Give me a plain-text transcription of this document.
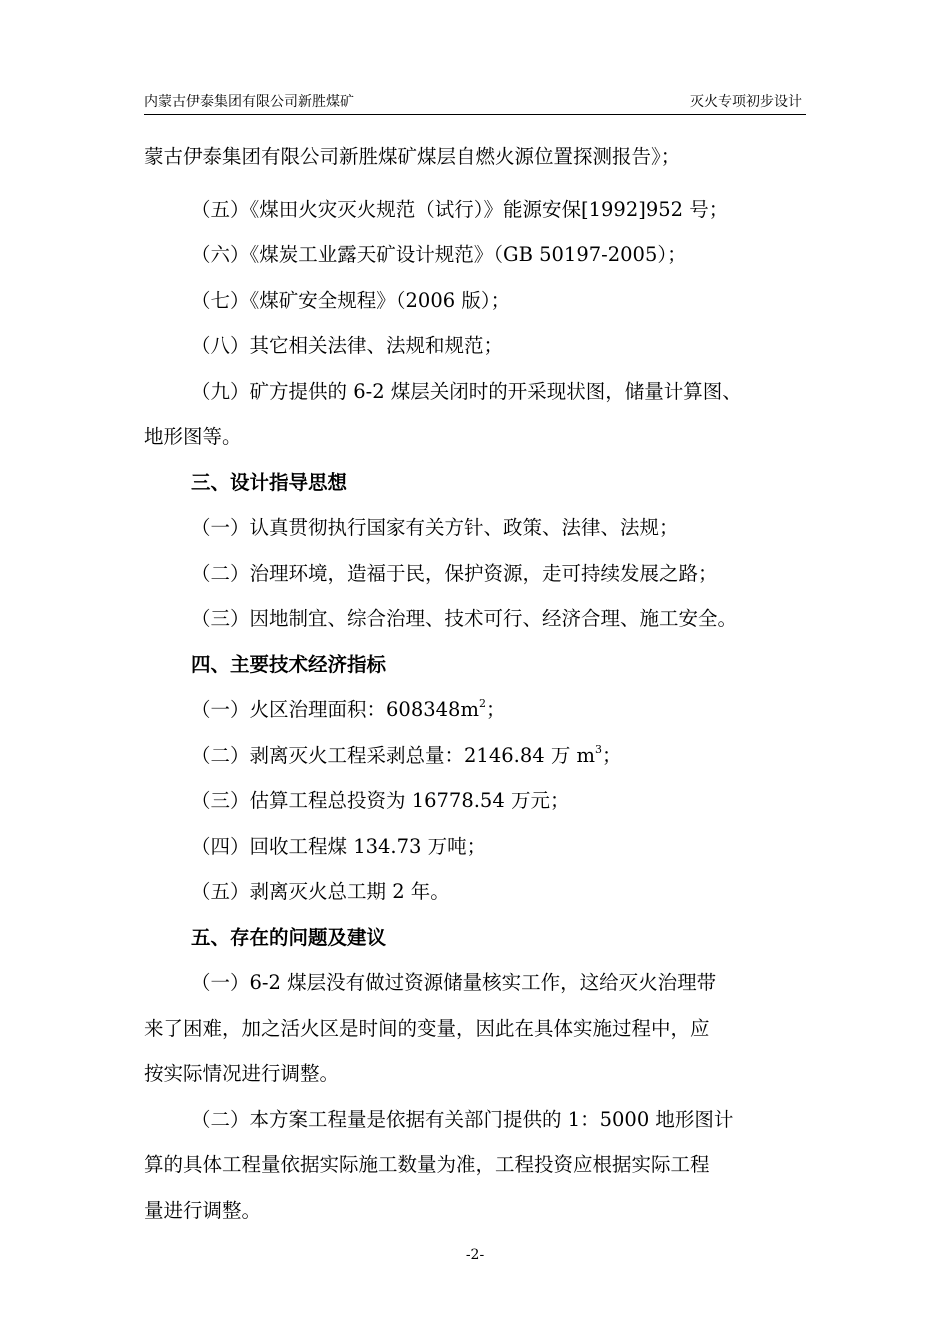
内蒙古伊泰集团有限公司新胜煤矿	灭火专项初步设计
蒙古伊泰集团有限公司新胜煤矿煤层自燃火源位置探测报告》；
（五）《煤田火灾灭火规范（试行）》能源安保[1992]952 号；
（六）《煤炭工业露天矿设计规范》（GB 50197-2005）；
（七）《煤矿安全规程》（2006 版）；
（八）其它相关法律、法规和规范；
（九）矿方提供的 6-2 煤层关闭时的开采现状图，储量计算图、
地形图等。
三、设计指导思想
（一）认真贯彻执行国家有关方针、政策、法律、法规；
（二）治理环境，造福于民，保护资源，走可持续发展之路；
（三）因地制宜、综合治理、技术可行、经济合理、施工安全。
四、主要技术经济指标
（一）火区治理面积：$608348m^2$；
（二）剥离灭火工程采剥总量：2146.84 万 $m^3$；
（三）估算工程总投资为 16778.54 万元；
（四）回收工程煤 134.73 万吨；
（五）剥离灭火总工期 2 年。
五、存在的问题及建议
（一）6-2 煤层没有做过资源储量核实工作，这给灭火治理带
来了困难，加之活火区是时间的变量，因此在具体实施过程中，应
按实际情况进行调整。
（二）本方案工程量是依据有关部门提供的 1：5000 地形图计
算的具体工程量依据实际施工数量为准，工程投资应根据实际工程
量进行调整。
-2-
